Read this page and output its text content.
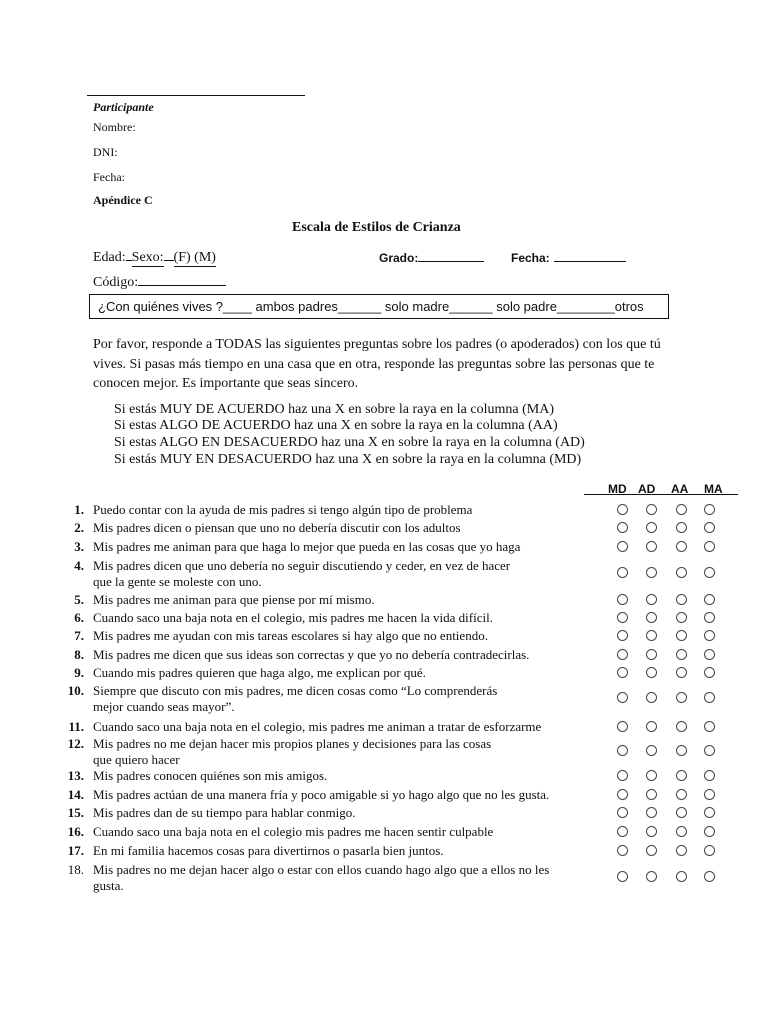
Participante
Nombre:
DNI:
Fecha:
Apéndice C
Escala de Estilos de Crianza
Edad: Sexo: (F) (M)	Grado:	Fecha:
Código:
¿Con quiénes vives ?____ ambos padres______ solo madre______ solo padre________otros
Por favor, responde a TODAS las siguientes preguntas sobre los padres (o apoderados) con los que tú vives. Si pasas más tiempo en una casa que en otra, responde las preguntas sobre las personas que te conocen mejor. Es importante que seas sincero.
Si estás MUY DE ACUERDO haz una X en sobre la raya en la columna (MA)
Si estas ALGO DE ACUERDO haz una X en sobre la raya en la columna (AA)
Si estas ALGO EN DESACUERDO haz una X en sobre la raya en la columna (AD)
Si estás MUY EN DESACUERDO haz una X en sobre la raya en la columna (MD)
MD AD AA MA
1. Puedo contar con la ayuda de mis padres si tengo algún tipo de problema
2. Mis padres dicen o piensan que uno no debería discutir con los adultos
3. Mis padres me animan para que haga lo mejor que pueda en las cosas que yo haga
4. Mis padres dicen que uno debería no seguir discutiendo y ceder, en vez de hacer
que la gente se moleste con uno.
5. Mis padres me animan para que piense por mí mismo.
6. Cuando saco una baja nota en el colegio, mis padres me hacen la vida difícil.
7. Mis padres me ayudan con mis tareas escolares si hay algo que no entiendo.
8. Mis padres me dicen que sus ideas son correctas y que yo no debería contradecirlas.
9. Cuando mis padres quieren que haga algo, me explican por qué.
10. Siempre que discuto con mis padres, me dicen cosas como “Lo comprenderás
mejor cuando seas mayor”.
11. Cuando saco una baja nota en el colegio, mis padres me animan a tratar de esforzarme
12. Mis padres no me dejan hacer mis propios planes y decisiones para las cosas
que quiero hacer
13. Mis padres conocen quiénes son mis amigos.
14. Mis padres actúan de una manera fría y poco amigable si yo hago algo que no les gusta.
15. Mis padres dan de su tiempo para hablar conmigo.
16. Cuando saco una baja nota en el colegio mis padres me hacen sentir culpable
17. En mi familia hacemos cosas para divertirnos o pasarla bien juntos.
18. Mis padres no me dejan hacer algo o estar con ellos cuando hago algo que a ellos no les
gusta.
